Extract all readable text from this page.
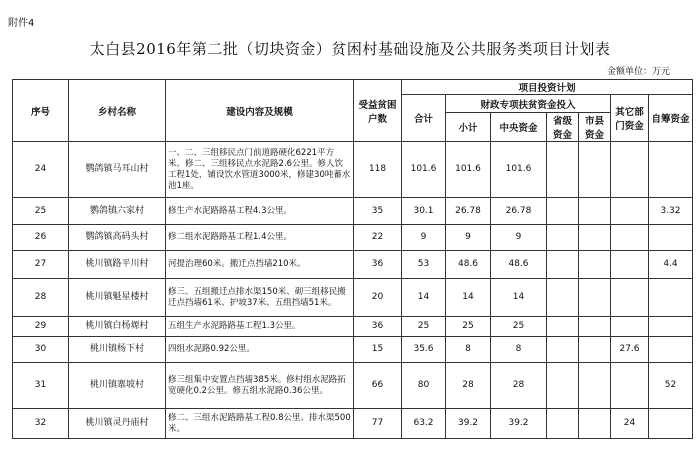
附件4
太白县2016年第二批（切块资金）贫困村基础设施及公共服务类项目计划表
金额单位：万元
序号	乡村名称	建设内容及规模	受益贫困户数	项目投资计划						
				合计	财政专项扶贫资金投入				其它部门资金	自筹资金
					小计	中央资金	省级资金	市县资金		
24	鹦鸽镇马耳山村	一、二、三组移民点门前道路硬化6221平方米。修二、三组移民点水泥路2.6公里。修人饮工程1处，铺设饮水管道3000米，修建30吨蓄水池1座。	118	101.6	101.6	101.6				
25	鹦鸽镇六家村	修生产水泥路路基工程4.3公里。	35	30.1	26.78	26.78				3.32
26	鹦鸽镇高码头村	修二组水泥路路基工程1.4公里。	22	9	9	9				
27	桃川镇路平川村	河提治理60米。搬迁点挡墙210米。	36	53	48.6	48.6				4.4
28	桃川镇魁星楼村	修三、五组搬迁点排水渠150米、砌三组移民搬迁点挡墙61米、护坡37米、五组挡墙51米。	20	14	14	14				
29	桃川镇白杨塬村	五组生产水泥路路基工程1.3公里。	36	25	25	25				
30	桃川镇杨下村	四组水泥路0.92公里。	15	35.6	8	8			27.6	
31	桃川镇寨坡村	修三组集中安置点挡墙385米。修村组水泥路拓宽硬化0.2公里。修五组水泥路0.36公里。	66	80	28	28				52
32	桃川镇灵丹庙村	修二、三组水泥路路基工程0.8公里、排水渠500米。	77	63.2	39.2	39.2			24	
